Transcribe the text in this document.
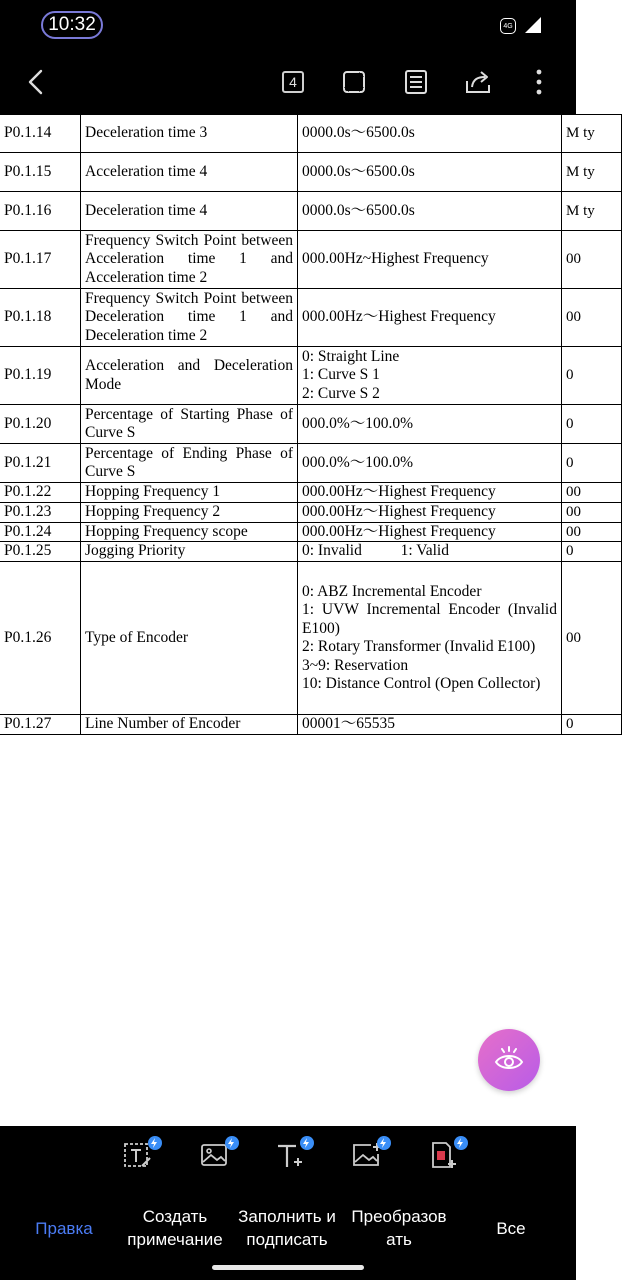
10:32	4G
4
P0.1.14	Deceleration time 3	0000.0s～6500.0s	M ty
P0.1.15	Acceleration time 4	0000.0s～6500.0s	M ty
P0.1.16	Deceleration time 4	0000.0s～6500.0s	M ty
P0.1.17	Frequency Switch Point between Acceleration time 1 and Acceleration time 2	000.00Hz~Highest Frequency	00
P0.1.18	Frequency Switch Point between Deceleration time 1 and Deceleration time 2	000.00Hz～Highest Frequency	00
P0.1.19	Acceleration and Deceleration Mode	0: Straight Line
1: Curve S 1
2: Curve S 2	0
P0.1.20	Percentage of Starting Phase of Curve S	000.0%～100.0%	0
P0.1.21	Percentage of Ending Phase of Curve S	000.0%～100.0%	0
P0.1.22	Hopping Frequency 1	000.00Hz～Highest Frequency	00
P0.1.23	Hopping Frequency 2	000.00Hz～Highest Frequency	00
P0.1.24	Hopping Frequency scope	000.00Hz～Highest Frequency	00
P0.1.25	Jogging Priority	0: Invalid          1: Valid	0
P0.1.26	Type of Encoder	0: ABZ Incremental Encoder
1: UVW Incremental Encoder (Invalid E100)
2: Rotary Transformer (Invalid E100)
3~9: Reservation
10: Distance Control (Open Collector)	00
P0.1.27	Line Number of Encoder	00001～65535	0
Правка
Создать примечание
Заполнить и подписать
Преобразовать
Все
